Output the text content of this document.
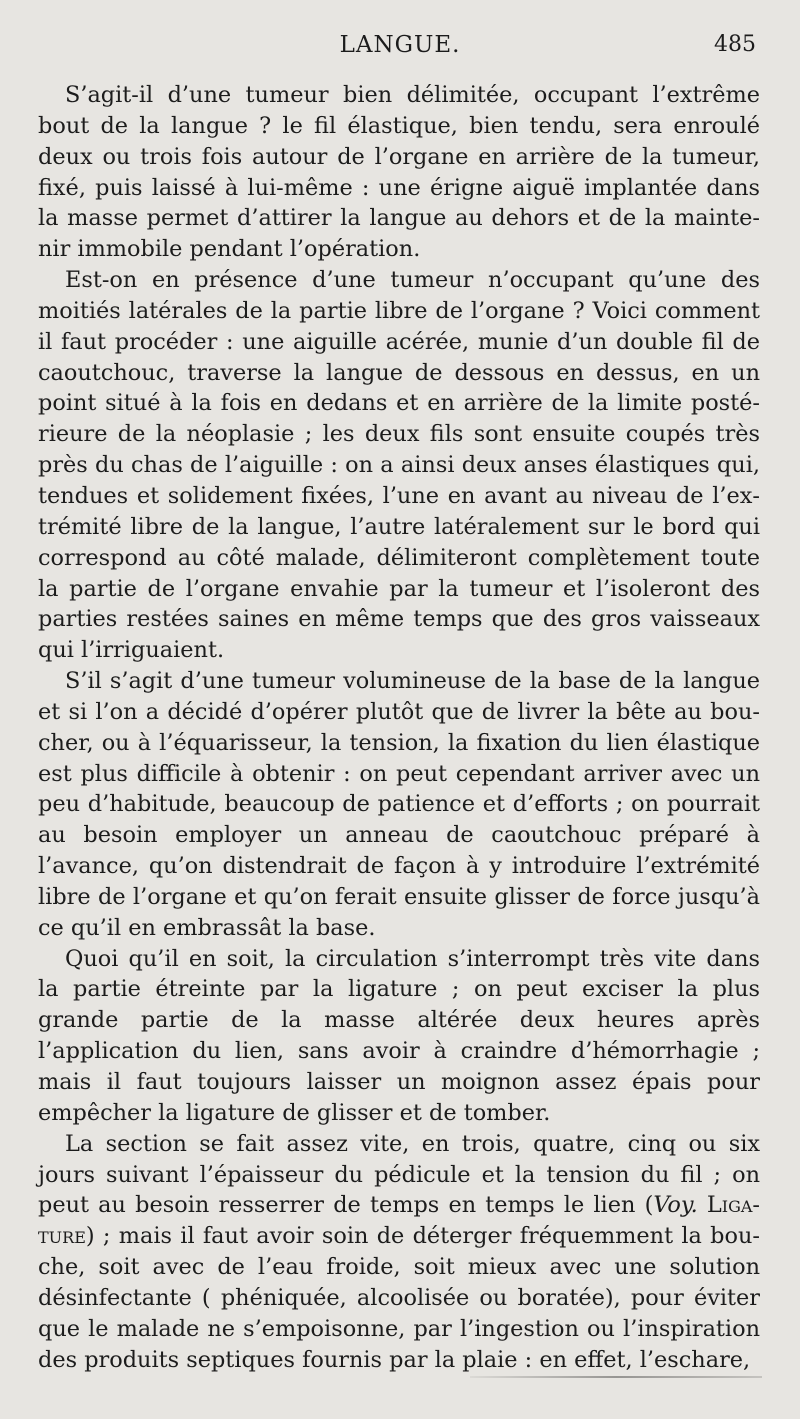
LANGUE.	485

S’agit-il d’une tumeur bien délimitée, occupant l’extrême bout de la langue ? le fil élastique, bien tendu, sera enroulé deux ou trois fois autour de l’organe en arrière de la tumeur, fixé, puis laissé à lui-même : une érigne aiguë implantée dans la masse permet d’attirer la langue au dehors et de la maintenir immobile pendant l’opération.

Est-on en présence d’une tumeur n’occupant qu’une des moitiés latérales de la partie libre de l’organe ? Voici comment il faut procéder : une aiguille acérée, munie d’un double fil de caoutchouc, traverse la langue de dessous en dessus, en un point situé à la fois en dedans et en arrière de la limite postérieure de la néoplasie ; les deux fils sont ensuite coupés très près du chas de l’aiguille : on a ainsi deux anses élastiques qui, tendues et solidement fixées, l’une en avant au niveau de l’extrémité libre de la langue, l’autre latéralement sur le bord qui correspond au côté malade, délimiteront complètement toute la partie de l’organe envahie par la tumeur et l’isoleront des parties restées saines en même temps que des gros vaisseaux qui l’irriguaient.

S’il s’agit d’une tumeur volumineuse de la base de la langue et si l’on a décidé d’opérer plutôt que de livrer la bête au boucher, ou à l’équarisseur, la tension, la fixation du lien élastique est plus difficile à obtenir : on peut cependant arriver avec un peu d’habitude, beaucoup de patience et d’efforts ; on pourrait au besoin employer un anneau de caoutchouc préparé à l’avance, qu’on distendrait de façon à y introduire l’extrémité libre de l’organe et qu’on ferait ensuite glisser de force jusqu’à ce qu’il en embrassât la base.

Quoi qu’il en soit, la circulation s’interrompt très vite dans la partie étreinte par la ligature ; on peut exciser la plus grande partie de la masse altérée deux heures après l’application du lien, sans avoir à craindre d’hémorrhagie ; mais il faut toujours laisser un moignon assez épais pour empêcher la ligature de glisser et de tomber.

La section se fait assez vite, en trois, quatre, cinq ou six jours suivant l’épaisseur du pédicule et la tension du fil ; on peut au besoin resserrer de temps en temps le lien (Voy. Ligature) ; mais il faut avoir soin de déterger fréquemment la bouche, soit avec de l’eau froide, soit mieux avec une solution désinfectante ( phéniquée, alcoolisée ou boratée), pour éviter que le malade ne s’empoisonne, par l’ingestion ou l’inspiration des produits septiques fournis par la plaie : en effet, l’eschare,
